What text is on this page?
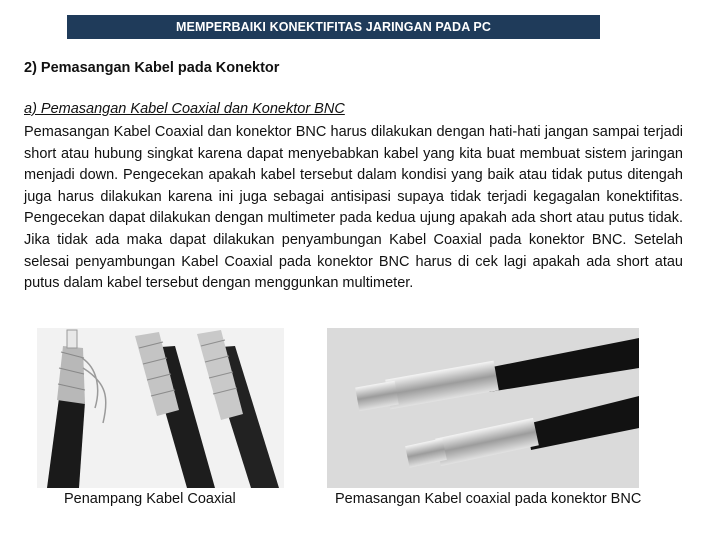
MEMPERBAIKI KONEKTIFITAS JARINGAN PADA PC
2) Pemasangan Kabel pada Konektor
a) Pemasangan Kabel Coaxial dan Konektor BNC

Pemasangan Kabel Coaxial dan konektor BNC harus dilakukan dengan hati-hati jangan sampai terjadi short atau hubung singkat karena dapat menyebabkan kabel yang kita buat membuat sistem jaringan menjadi down. Pengecekan apakah kabel tersebut dalam kondisi yang baik atau tidak putus ditengah juga harus dilakukan karena ini juga sebagai antisipasi supaya tidak terjadi kegagalan konektifitas. Pengecekan dapat dilakukan dengan multimeter pada kedua ujung apakah ada short atau putus tidak. Jika tidak ada maka dapat dilakukan penyambungan Kabel Coaxial pada konektor BNC. Setelah selesai penyambungan Kabel Coaxial pada konektor BNC harus di cek lagi apakah ada short atau putus dalam kabel tersebut dengan menggunkan multimeter.

Penampang Kabel Coaxial	Pemasangan Kabel coaxial pada konektor BNC
